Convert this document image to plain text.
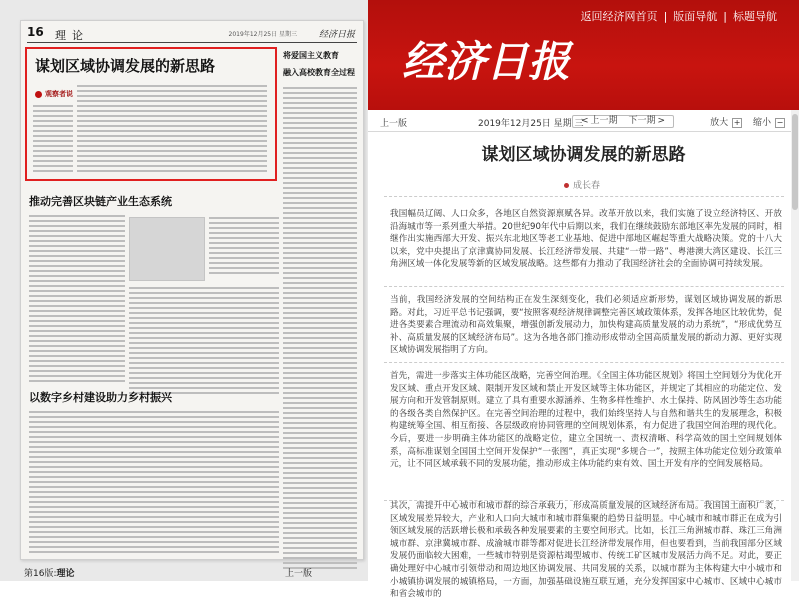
返回经济网首页 | 版面导航 | 标题导航
经济日报
16 理论	2019年12月25日 星期三 经济日报
谋划区域协调发展的新思路
观察者说
将爱国主义教育
融入高校教育全过程
推动完善区块链产业生态系统
以数字乡村建设助力乡村振兴
第16版:理论	上一版
上一版	2019年12月25日 星期 三
< 上一期 下一期 >	放大 + 缩小 −
谋划区域协调发展的新思路
成长春

我国幅员辽阔、人口众多，各地区自然资源禀赋各异。改革开放以来，我们实施了设立经济特区、开放沿海城市等一系列重大举措。20世纪90年代中后期以来，我们在继续鼓励东部地区率先发展的同时，相继作出实施西部大开发、振兴东北地区等老工业基地、促进中部地区崛起等重大战略决策。党的十八大以来，党中央提出了京津冀协同发展、长江经济带发展、共建“一带一路”、粤港澳大湾区建设、长江三角洲区域一体化发展等新的区域发展战略。这些都有力推动了我国经济社会的全面协调可持续发展。

当前，我国经济发展的空间结构正在发生深刻变化，我们必须适应新形势，谋划区域协调发展的新思路。对此，习近平总书记强调，要“按照客观经济规律调整完善区域政策体系，发挥各地区比较优势，促进各类要素合理流动和高效集聚，增强创新发展动力，加快构建高质量发展的动力系统”，“形成优势互补、高质量发展的区域经济布局”。这为各地各部门推动形成带动全国高质量发展的新动力源、更好实现区域协调发展指明了方向。

首先，需进一步落实主体功能区战略，完善空间治理。《全国主体功能区规划》将国土空间划分为优化开发区域、重点开发区域、限制开发区域和禁止开发区域等主体功能区，并规定了其相应的功能定位、发展方向和开发管制原则。建立了具有重要水源涵养、生物多样性维护、水土保持、防风固沙等生态功能的各级各类自然保护区。在完善空间治理的过程中，我们始终坚持人与自然和谐共生的发展理念，积极构建统筹全国、相互衔接、各层级政府协同管理的空间规划体系，有力促进了我国空间治理的现代化。今后，要进一步明确主体功能区的战略定位，建立全国统一、责权清晰、科学高效的国土空间规划体系，高标准谋划全国国土空间开发保护“一张图”，真正实现“多规合一”，按照主体功能定位划分政策单元，让不同区域承载不同的发展功能，推动形成主体功能约束有效、国土开发有序的空间发展格局。

其次，需提升中心城市和城市群的综合承载力，形成高质量发展的区域经济布局。我国国土面积广袤，区域发展差异较大，产业和人口向大城市和城市群集聚的趋势日益明显。中心城市和城市群正在成为引领区域发展的活跃增长极和承载各种发展要素的主要空间形式。比如，长江三角洲城市群、珠江三角洲城市群、京津冀城市群、成渝城市群等都对促进长江经济带发展作用，但也要看到，当前我国部分区域发展仍面临较大困难，一些城市特别是资源枯竭型城市、传统工矿区城市发展活力尚不足。对此，要正确处理好中心城市引领带动和周边地区协调发展、共同发展的关系，以城市群为主体构建大中小城市和小城镇协调发展的城镇格局，一方面，加强基础设施互联互通，充分发挥国家中心城市、区域中心城市和省会城市的
